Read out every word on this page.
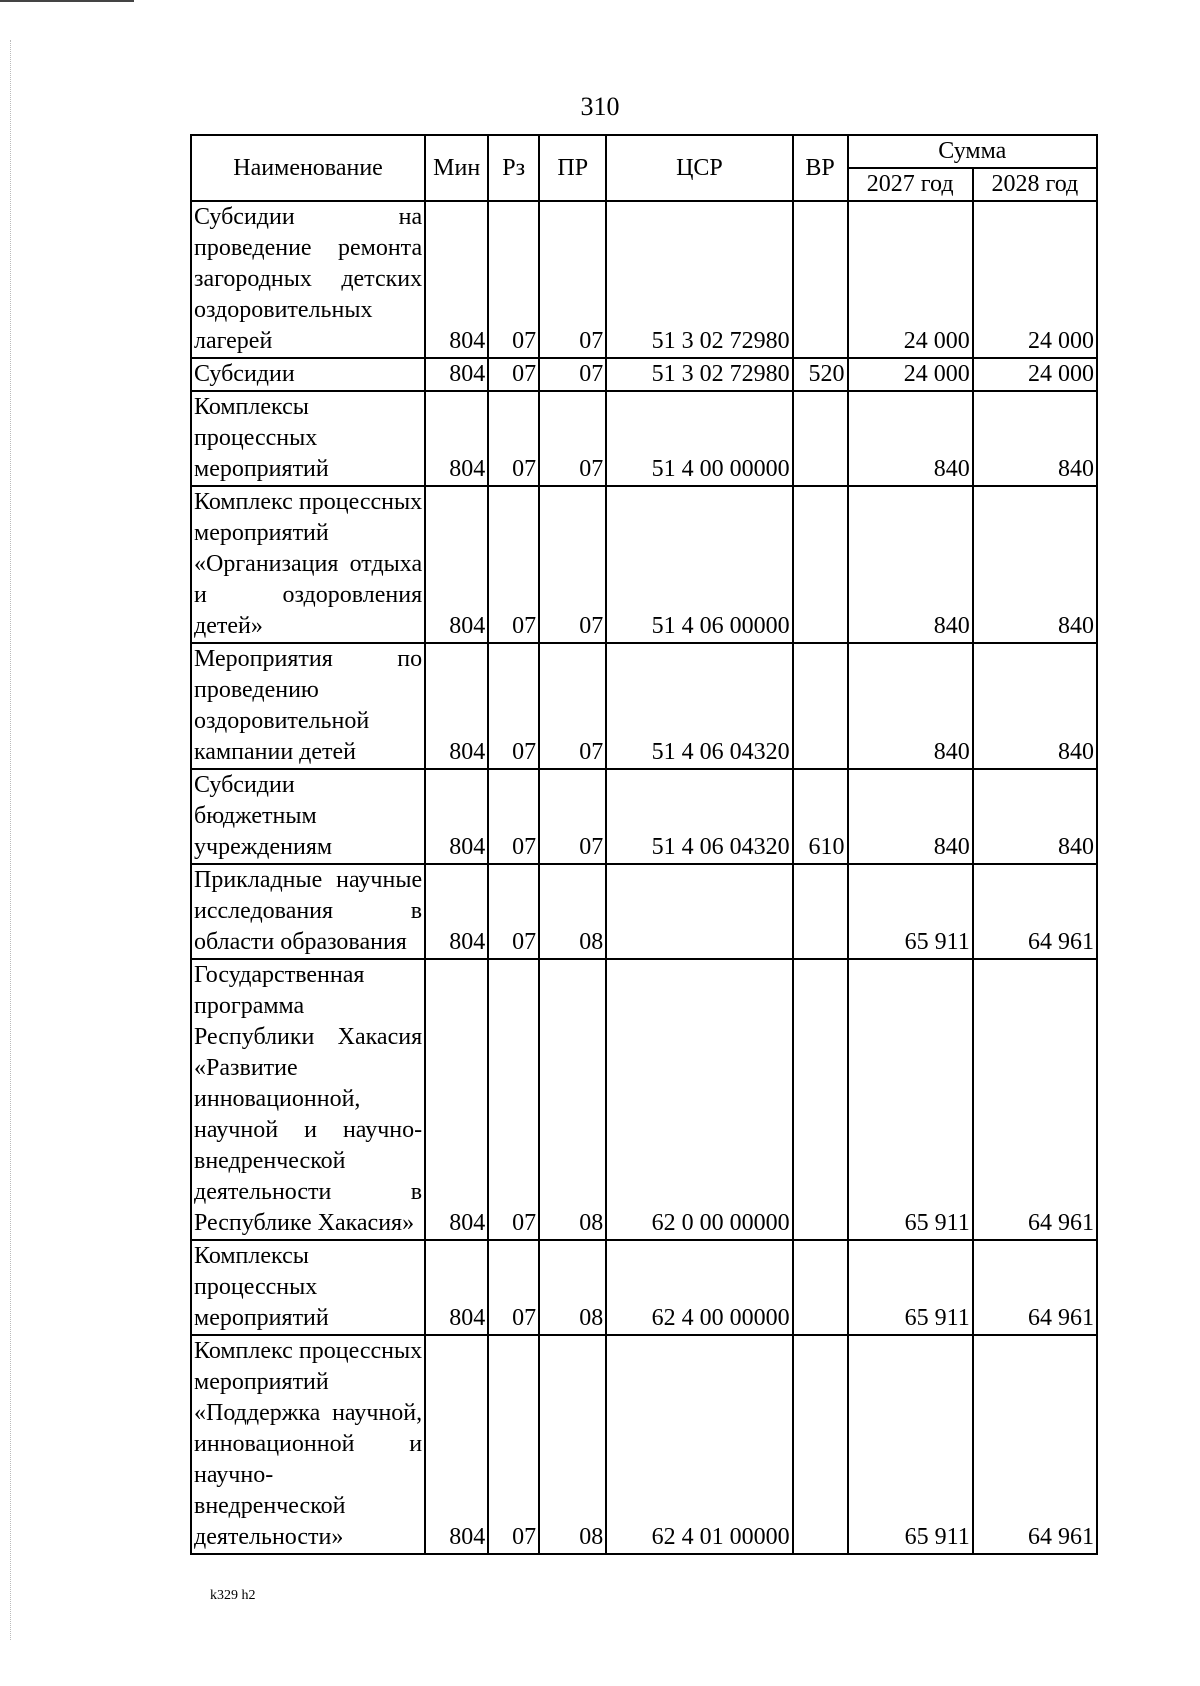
310
Наименование	Мин	Рз	ПР	ЦСР	ВР	Сумма	
						2027 год	2028 год
Субсидии на проведение ремонта загородных детских оздоровительных лагерей	804	07	07	51 3 02 72980		24 000	24 000
Субсидии	804	07	07	51 3 02 72980	520	24 000	24 000
Комплексы процессных мероприятий	804	07	07	51 4 00 00000		840	840
Комплекс процессных мероприятий «Организация отдыха и оздоровления детей»	804	07	07	51 4 06 00000		840	840
Мероприятия по проведению оздоровительной кампании детей	804	07	07	51 4 06 04320		840	840
Субсидии бюджетным учреждениям	804	07	07	51 4 06 04320	610	840	840
Прикладные научные исследования в области образования	804	07	08			65 911	64 961
Государственная программа Республики Хакасия «Развитие инновационной, научной и научно-внедренческой деятельности в Республике Хакасия»	804	07	08	62 0 00 00000		65 911	64 961
Комплексы процессных мероприятий	804	07	08	62 4 00 00000		65 911	64 961
Комплекс процессных мероприятий «Поддержка научной, инновационной и научно-внедренческой деятельности»	804	07	08	62 4 01 00000		65 911	64 961
k329 h2
